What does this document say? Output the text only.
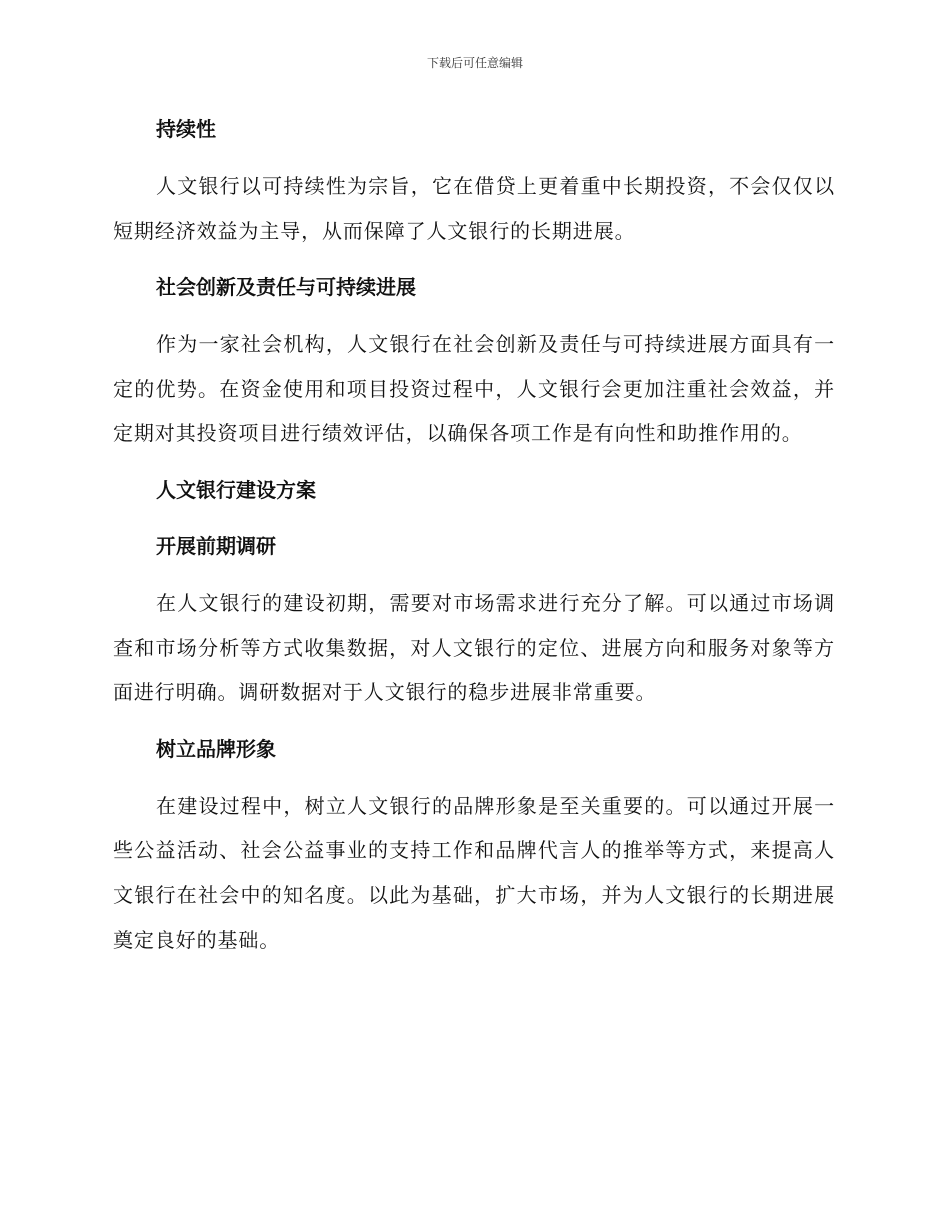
下载后可任意编辑
持续性

人文银行以可持续性为宗旨，它在借贷上更着重中长期投资，不会仅仅以短期经济效益为主导，从而保障了人文银行的长期进展。

社会创新及责任与可持续进展

作为一家社会机构，人文银行在社会创新及责任与可持续进展方面具有一定的优势。在资金使用和项目投资过程中，人文银行会更加注重社会效益，并定期对其投资项目进行绩效评估，以确保各项工作是有向性和助推作用的。

人文银行建设方案
开展前期调研

在人文银行的建设初期，需要对市场需求进行充分了解。可以通过市场调查和市场分析等方式收集数据，对人文银行的定位、进展方向和服务对象等方面进行明确。调研数据对于人文银行的稳步进展非常重要。

树立品牌形象

在建设过程中，树立人文银行的品牌形象是至关重要的。可以通过开展一些公益活动、社会公益事业的支持工作和品牌代言人的推举等方式，来提高人文银行在社会中的知名度。以此为基础，扩大市场，并为人文银行的长期进展奠定良好的基础。
